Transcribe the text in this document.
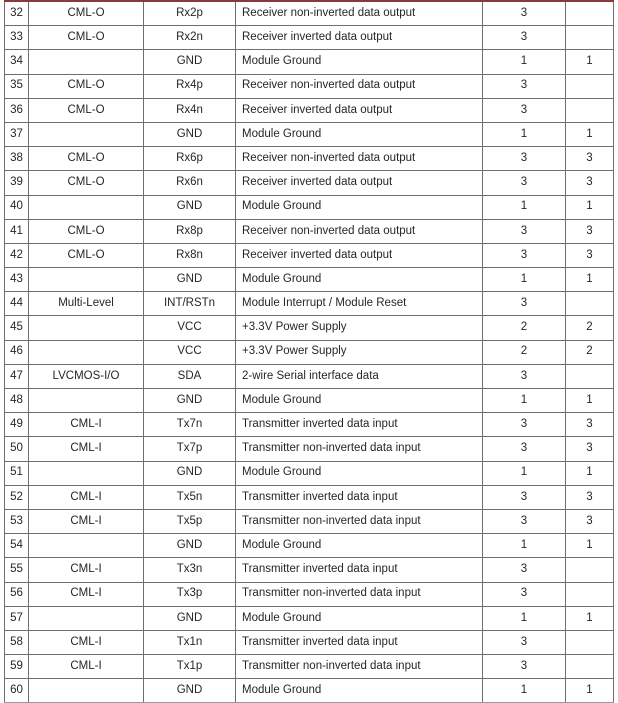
32	CML-O	Rx2p	Receiver non-inverted data output	3	
33	CML-O	Rx2n	Receiver inverted data output	3	
34		GND	Module Ground	1	1
35	CML-O	Rx4p	Receiver non-inverted data output	3	
36	CML-O	Rx4n	Receiver inverted data output	3	
37		GND	Module Ground	1	1
38	CML-O	Rx6p	Receiver non-inverted data output	3	3
39	CML-O	Rx6n	Receiver inverted data output	3	3
40		GND	Module Ground	1	1
41	CML-O	Rx8p	Receiver non-inverted data output	3	3
42	CML-O	Rx8n	Receiver inverted data output	3	3
43		GND	Module Ground	1	1
44	Multi-Level	INT/RSTn	Module Interrupt / Module Reset	3	
45		VCC	+3.3V Power Supply	2	2
46		VCC	+3.3V Power Supply	2	2
47	LVCMOS-I/O	SDA	2-wire Serial interface data	3	
48		GND	Module Ground	1	1
49	CML-I	Tx7n	Transmitter inverted data input	3	3
50	CML-I	Tx7p	Transmitter non-inverted data input	3	3
51		GND	Module Ground	1	1
52	CML-I	Tx5n	Transmitter inverted data input	3	3
53	CML-I	Tx5p	Transmitter non-inverted data input	3	3
54		GND	Module Ground	1	1
55	CML-I	Tx3n	Transmitter inverted data input	3	
56	CML-I	Tx3p	Transmitter non-inverted data input	3	
57		GND	Module Ground	1	1
58	CML-I	Tx1n	Transmitter inverted data input	3	
59	CML-I	Tx1p	Transmitter non-inverted data input	3	
60		GND	Module Ground	1	1
